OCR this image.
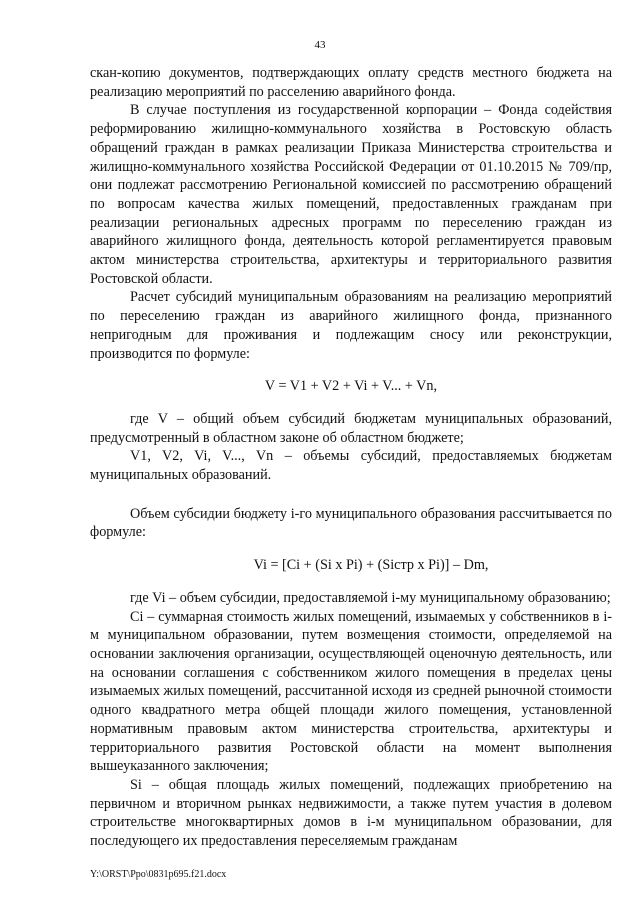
43

скан-копию документов, подтверждающих оплату средств местного бюджета на реализацию мероприятий по расселению аварийного фонда.

В случае поступления из государственной корпорации – Фонда содействия реформированию жилищно-коммунального хозяйства в Ростовскую область обращений граждан в рамках реализации Приказа Министерства строительства и жилищно-коммунального хозяйства Российской Федерации от 01.10.2015 № 709/пр, они подлежат рассмотрению Региональной комиссией по рассмотрению обращений по вопросам качества жилых помещений, предоставленных гражданам при реализации региональных адресных программ по переселению граждан из аварийного жилищного фонда, деятельность которой регламентируется правовым актом министерства строительства, архитектуры и территориального развития Ростовской области.

Расчет субсидий муниципальным образованиям на реализацию мероприятий по переселению граждан из аварийного жилищного фонда, признанного непригодным для проживания и подлежащим сносу или реконструкции, производится по формуле:

V = V1 + V2 + Vi + V... + Vn,

где V – общий объем субсидий бюджетам муниципальных образований, предусмотренный в областном законе об областном бюджете;

V1, V2, Vi, V..., Vn – объемы субсидий, предоставляемых бюджетам муниципальных образований.

Объем субсидии бюджету i-го муниципального образования рассчитывается по формуле:

Vi = [Ci + (Si x Pi) + (Siстр x Pi)] – Dm,

где Vi – объем субсидии, предоставляемой i-му муниципальному образованию;

Ci – суммарная стоимость жилых помещений, изымаемых у собственников в i-м муниципальном образовании, путем возмещения стоимости, определяемой на основании заключения организации, осуществляющей оценочную деятельность, или на основании соглашения с собственником жилого помещения в пределах цены изымаемых жилых помещений, рассчитанной исходя из средней рыночной стоимости одного квадратного метра общей площади жилого помещения, установленной нормативным правовым актом министерства строительства, архитектуры и территориального развития Ростовской области на момент выполнения вышеуказанного заключения;

Si – общая площадь жилых помещений, подлежащих приобретению на первичном и вторичном рынках недвижимости, а также путем участия в долевом строительстве многоквартирных домов в i-м муниципальном образовании, для последующего их предоставления переселяемым гражданам

Y:\ORST\Ppo\0831p695.f21.docx
